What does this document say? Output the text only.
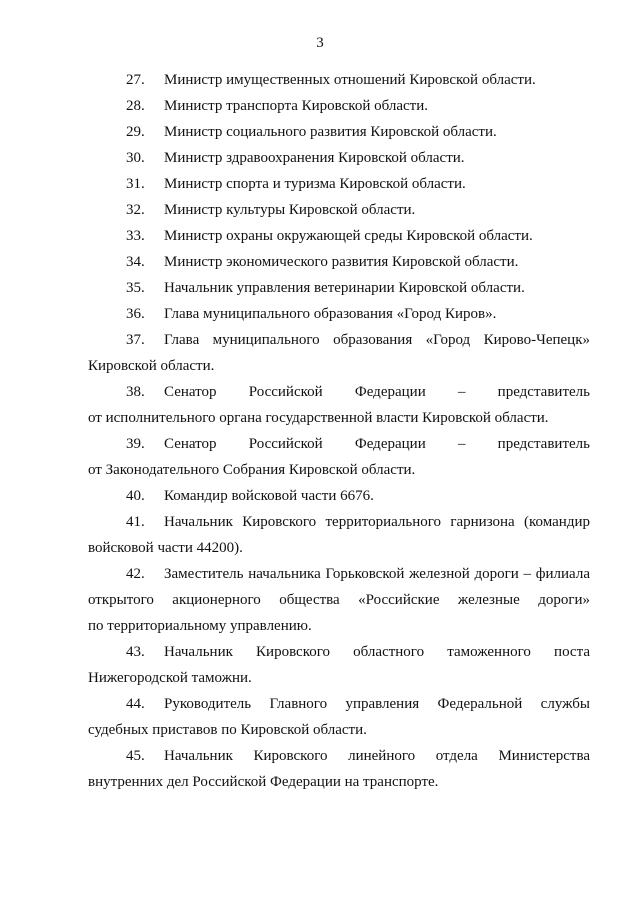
3

27. Министр имущественных отношений Кировской области.

28. Министр транспорта Кировской области.

29. Министр социального развития Кировской области.

30. Министр здравоохранения Кировской области.

31. Министр спорта и туризма Кировской области.

32. Министр культуры Кировской области.

33. Министр охраны окружающей среды Кировской области.

34. Министр экономического развития Кировской области.

35. Начальник управления ветеринарии Кировской области.

36. Глава муниципального образования «Город Киров».

37. Глава муниципального образования «Город Кирово-Чепецк»
Кировской области.

38. Сенатор Российской Федерации – представитель
от исполнительного органа государственной власти Кировской области.

39. Сенатор Российской Федерации – представитель
от Законодательного Собрания Кировской области.

40. Командир войсковой части 6676.

41. Начальник Кировского территориального гарнизона (командир
войсковой части 44200).

42. Заместитель начальника Горьковской железной дороги – филиала
открытого акционерного общества «Российские железные дороги»
по территориальному управлению.

43. Начальник Кировского областного таможенного поста
Нижегородской таможни.

44. Руководитель Главного управления Федеральной службы
судебных приставов по Кировской области.

45. Начальник Кировского линейного отдела Министерства
внутренних дел Российской Федерации на транспорте.
